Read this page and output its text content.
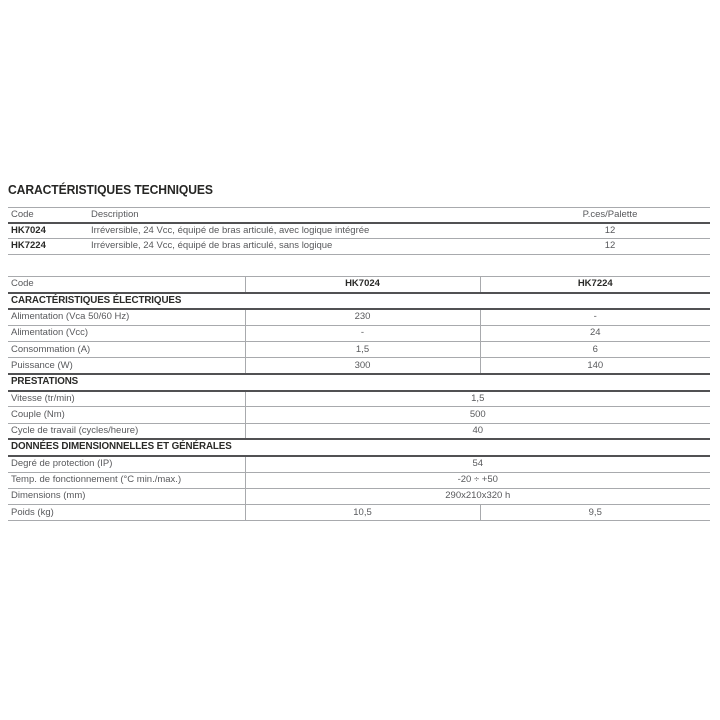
CARACTÉRISTIQUES TECHNIQUES
Code	Description	P.ces/Palette
HK7024	Irréversible, 24 Vcc, équipé de bras articulé, avec logique intégrée	12
HK7224	Irréversible, 24 Vcc, équipé de bras articulé, sans logique	12
Code	HK7024	HK7224
CARACTÉRISTIQUES ÉLECTRIQUES		
Alimentation (Vca 50/60 Hz)	230	-
Alimentation (Vcc)	-	24
Consommation (A)	1,5	6
Puissance (W)	300	140
PRESTATIONS		
Vitesse (tr/min)	1,5	
Couple (Nm)	500	
Cycle de travail (cycles/heure)	40	
DONNÉES DIMENSIONNELLES ET GÉNÉRALES		
Degré de protection (IP)	54	
Temp. de fonctionnement (°C min./max.)	-20 ÷ +50	
Dimensions (mm)	290x210x320 h	
Poids (kg)	10,5	9,5
